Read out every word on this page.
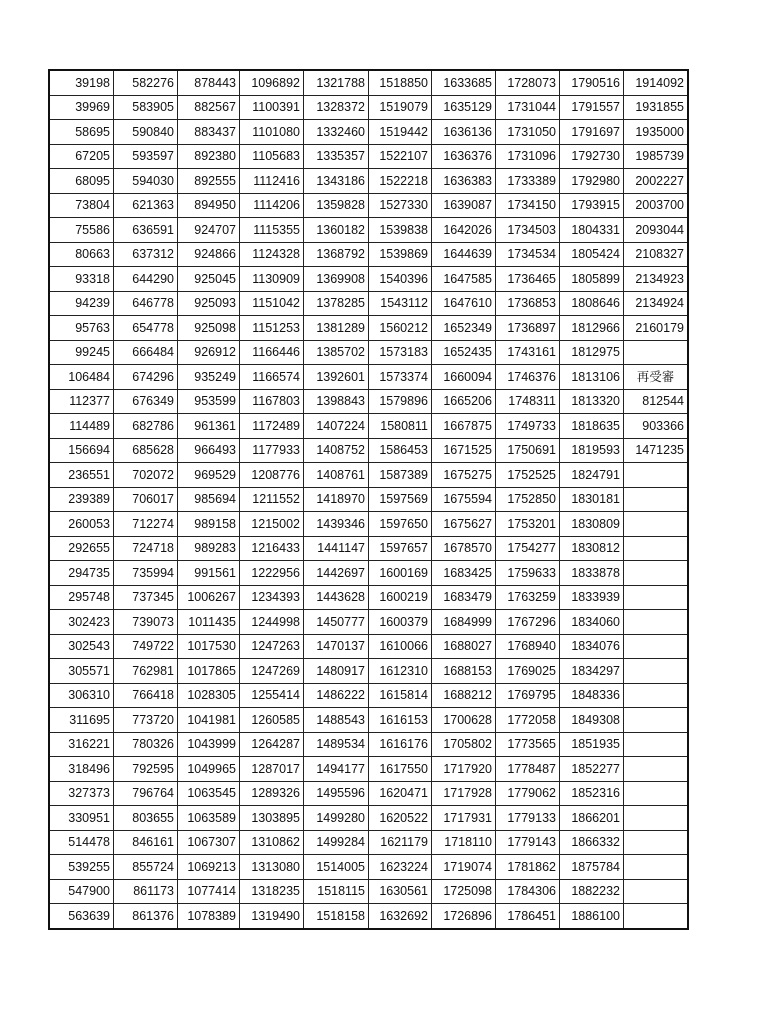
39198	582276	878443	1096892	1321788	1518850	1633685	1728073	1790516	1914092
39969	583905	882567	1100391	1328372	1519079	1635129	1731044	1791557	1931855
58695	590840	883437	1101080	1332460	1519442	1636136	1731050	1791697	1935000
67205	593597	892380	1105683	1335357	1522107	1636376	1731096	1792730	1985739
68095	594030	892555	1112416	1343186	1522218	1636383	1733389	1792980	2002227
73804	621363	894950	1114206	1359828	1527330	1639087	1734150	1793915	2003700
75586	636591	924707	1115355	1360182	1539838	1642026	1734503	1804331	2093044
80663	637312	924866	1124328	1368792	1539869	1644639	1734534	1805424	2108327
93318	644290	925045	1130909	1369908	1540396	1647585	1736465	1805899	2134923
94239	646778	925093	1151042	1378285	1543112	1647610	1736853	1808646	2134924
95763	654778	925098	1151253	1381289	1560212	1652349	1736897	1812966	2160179
99245	666484	926912	1166446	1385702	1573183	1652435	1743161	1812975	
106484	674296	935249	1166574	1392601	1573374	1660094	1746376	1813106	再受審
112377	676349	953599	1167803	1398843	1579896	1665206	1748311	1813320	812544
114489	682786	961361	1172489	1407224	1580811	1667875	1749733	1818635	903366
156694	685628	966493	1177933	1408752	1586453	1671525	1750691	1819593	1471235
236551	702072	969529	1208776	1408761	1587389	1675275	1752525	1824791	
239389	706017	985694	1211552	1418970	1597569	1675594	1752850	1830181	
260053	712274	989158	1215002	1439346	1597650	1675627	1753201	1830809	
292655	724718	989283	1216433	1441147	1597657	1678570	1754277	1830812	
294735	735994	991561	1222956	1442697	1600169	1683425	1759633	1833878	
295748	737345	1006267	1234393	1443628	1600219	1683479	1763259	1833939	
302423	739073	1011435	1244998	1450777	1600379	1684999	1767296	1834060	
302543	749722	1017530	1247263	1470137	1610066	1688027	1768940	1834076	
305571	762981	1017865	1247269	1480917	1612310	1688153	1769025	1834297	
306310	766418	1028305	1255414	1486222	1615814	1688212	1769795	1848336	
311695	773720	1041981	1260585	1488543	1616153	1700628	1772058	1849308	
316221	780326	1043999	1264287	1489534	1616176	1705802	1773565	1851935	
318496	792595	1049965	1287017	1494177	1617550	1717920	1778487	1852277	
327373	796764	1063545	1289326	1495596	1620471	1717928	1779062	1852316	
330951	803655	1063589	1303895	1499280	1620522	1717931	1779133	1866201	
514478	846161	1067307	1310862	1499284	1621179	1718110	1779143	1866332	
539255	855724	1069213	1313080	1514005	1623224	1719074	1781862	1875784	
547900	861173	1077414	1318235	1518115	1630561	1725098	1784306	1882232	
563639	861376	1078389	1319490	1518158	1632692	1726896	1786451	1886100	
